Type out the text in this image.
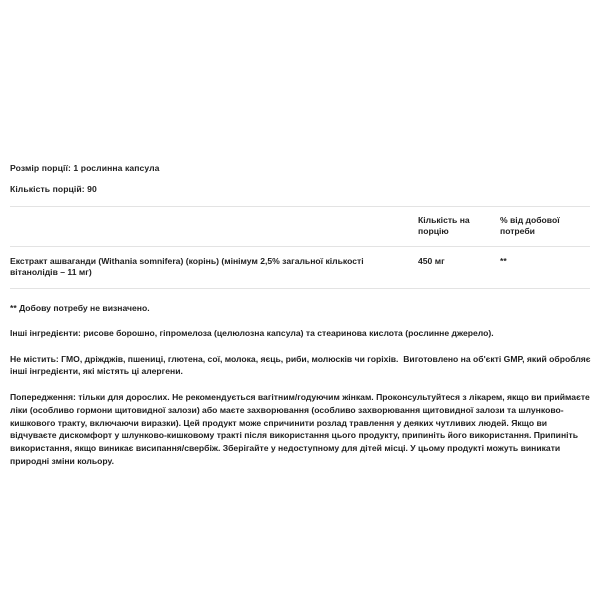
Розмір порції: 1 рослинна капсула
Кількість порцій: 90

	Кількість на порцію	% від добової потреби

Екстракт ашваганди (Withania somnifera) (корінь) (мінімум 2,5% загальної кількості вітанолідів – 11 мг)	450 мг	**

** Добову потребу не визначено.

Інші інгредієнти: рисове борошно, гіпромелоза (целюлозна капсула) та стеаринова кислота (рослинне джерело).

Не містить: ГМО, дріжджів, пшениці, глютена, сої, молока, яєць, риби, молюсків чи горіхів.  Виготовлено на об'єкті GMP, який обробляє інші інгредієнти, які містять ці алергени.

Попередження: тільки для дорослих. Не рекомендується вагітним/годуючим жінкам. Проконсультуйтеся з лікарем, якщо ви приймаєте ліки (особливо гормони щитовидної залози) або маєте захворювання (особливо захворювання щитовидної залози та шлунково-кишкового тракту, включаючи виразки). Цей продукт може спричинити розлад травлення у деяких чутливих людей. Якщо ви відчуваєте дискомфорт у шлунково-кишковому тракті після використання цього продукту, припиніть його використання. Припиніть використання, якщо виникає висипання/свербіж. Зберігайте у недоступному для дітей місці. У цьому продукті можуть виникати природні зміни кольору.
